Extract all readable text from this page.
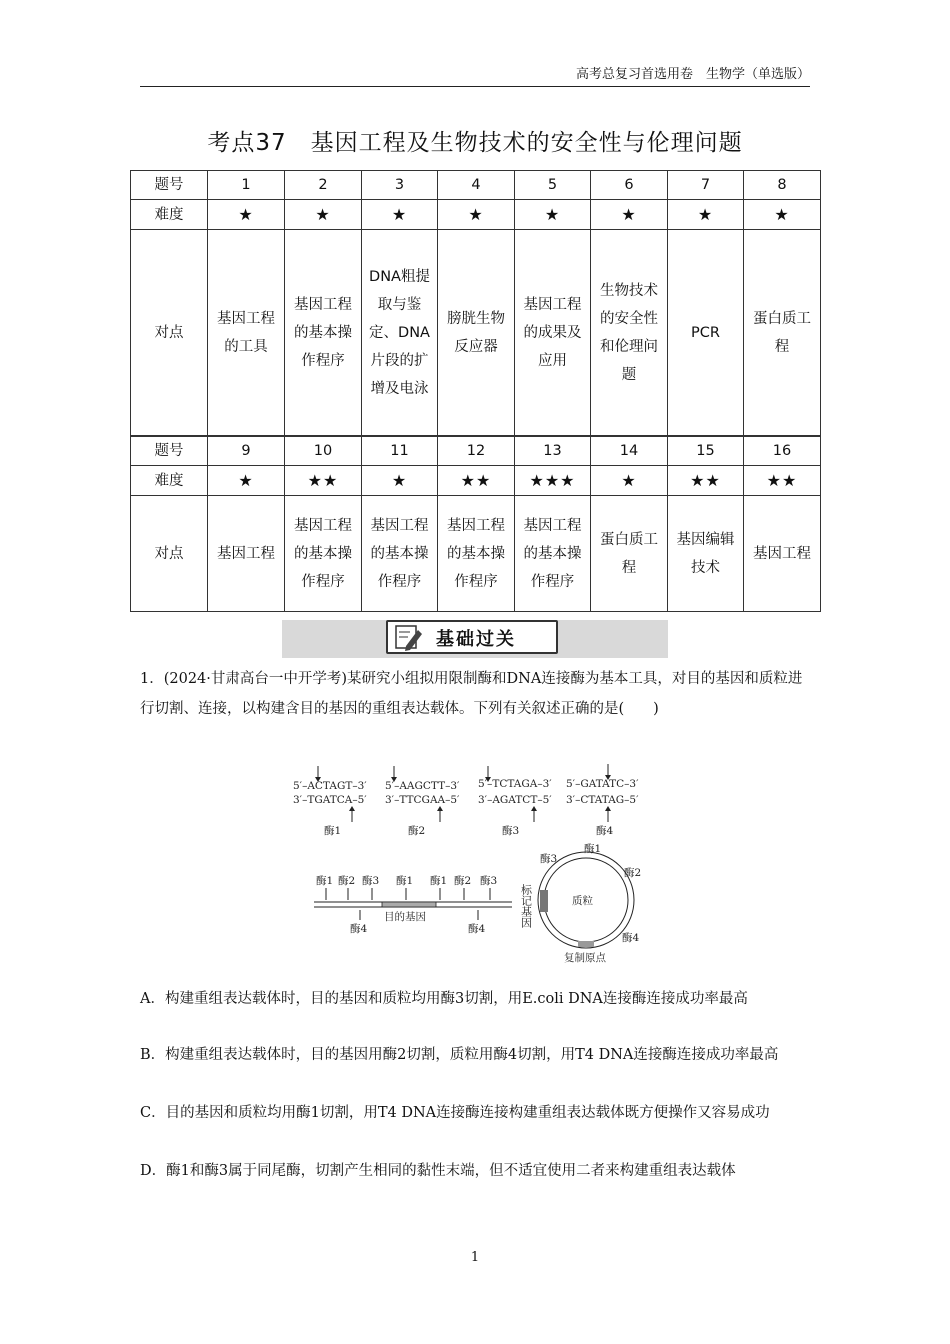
高考总复习首选用卷　生物学（单选版）
考点37　基因工程及生物技术的安全性与伦理问题
题号	1	2	3	4	5	6	7	8
难度	★	★	★	★	★	★	★	★
对点	基因工程的工具	基因工程的基本操作程序	DNA粗提取与鉴定、DNA片段的扩增及电泳	膀胱生物反应器	基因工程的成果及应用	生物技术的安全性和伦理问题	PCR	蛋白质工程
题号	9	10	11	12	13	14	15	16
难度	★	★★	★	★★	★★★	★	★★	★★
对点	基因工程	基因工程的基本操作程序	基因工程的基本操作程序	基因工程的基本操作程序	基因工程的基本操作程序	蛋白质工程	基因编辑技术	基因工程
基础过关
1．(2024·甘肃高台一中开学考)某研究小组拟用限制酶和DNA连接酶为基本工具，对目的基因和质粒进行切割、连接，以构建含目的基因的重组表达载体。下列有关叙述正确的是(　　)
5′–ACTAGT–3′
3′–TGATCA–5′
酶1
5′–AAGCTT–3′
3′–TTCGAA–5′
酶2
5′–TCTAGA–3′
3′–AGATCT–5′
酶3
5′–GATATC–3′
3′–CTATAG–5′
酶4
酶1 酶2 酶3 酶1 酶1 酶2 酶3
酶4	酶4
目的基因
质粒
酶3
酶1
酶2
酶4
复制原点
标记基因
A．构建重组表达载体时，目的基因和质粒均用酶3切割，用E.coli DNA连接酶连接成功率最高
B．构建重组表达载体时，目的基因用酶2切割，质粒用酶4切割，用T4 DNA连接酶连接成功率最高
C．目的基因和质粒均用酶1切割，用T4 DNA连接酶连接构建重组表达载体既方便操作又容易成功
D．酶1和酶3属于同尾酶，切割产生相同的黏性末端，但不适宜使用二者来构建重组表达载体
1
